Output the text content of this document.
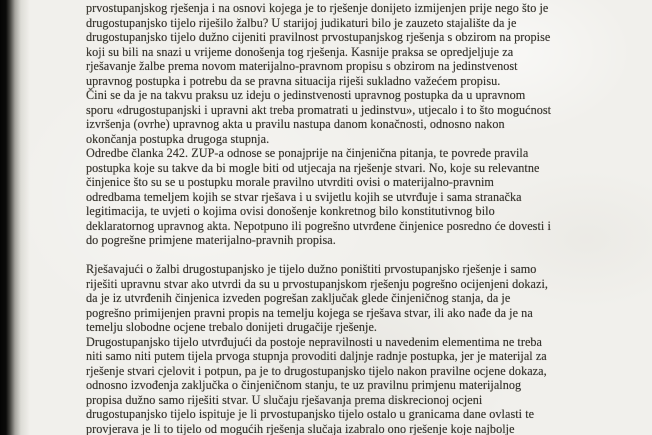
prvostupanjskog rješenja i na osnovi kojega je to rješenje donijeto izmijenjen prije nego što je
drugostupanjsko tijelo riješilo žalbu? U starijoj judikaturi bilo je zauzeto stajalište da je
drugostupanjsko tijelo dužno cijeniti pravilnost prvostupanjskog rješenja s obzirom na propise
koji su bili na snazi u vrijeme donošenja tog rješenja. Kasnije praksa se opredjeljuje za
rješavanje žalbe prema novom materijalno-pravnom propisu s obzirom na jedinstvenost
upravnog postupka i potrebu da se pravna situacija riješi sukladno važećem propisu.
Čini se da je na takvu praksu uz ideju o jedinstvenosti upravnog postupka da u upravnom
sporu «drugostupanjski i upravni akt treba promatrati u jedinstvu», utjecalo i to što mogućnost
izvršenja (ovrhe) upravnog akta u pravilu nastupa danom konačnosti, odnosno nakon
okončanja postupka drugoga stupnja.
Odredbe članka 242. ZUP-a odnose se ponajprije na činjenična pitanja, te povrede pravila
postupka koje su takve da bi mogle biti od utjecaja na rješenje stvari. No, koje su relevantne
činjenice što su se u postupku morale pravilno utvrditi ovisi o materijalno-pravnim
odredbama temeljem kojih se stvar rješava i u svijetlu kojih se utvrđuje i sama stranačka
legitimacija, te uvjeti o kojima ovisi donošenje konkretnog bilo konstitutivnog bilo
deklaratornog upravnog akta. Nepotpuno ili pogrešno utvrđene činjenice posredno će dovesti i
do pogrešne primjene materijalno-pravnih propisa.

Rješavajući o žalbi drugostupanjsko je tijelo dužno poništiti prvostupanjsko rješenje i samo
riješiti upravnu stvar ako utvrdi da su u prvostupanjskom rješenju pogrešno ocijenjeni dokazi,
da je iz utvrđenih činjenica izveden pogrešan zaključak glede činjeničnog stanja, da je
pogrešno primijenjen pravni propis na temelju kojega se rješava stvar, ili ako nađe da je na
temelju slobodne ocjene trebalo donijeti drugačije rješenje.
Drugostupanjsko tijelo utvrđujući da postoje nepravilnosti u navedenim elementima ne treba
niti samo niti putem tijela prvoga stupnja provoditi daljnje radnje postupka, jer je materijal za
rješenje stvari cjelovit i potpun, pa je to drugostupanjsko tijelo nakon pravilne ocjene dokaza,
odnosno izvođenja zaključka o činjeničnom stanju, te uz pravilnu primjenu materijalnog
propisa dužno samo riješiti stvar. U slučaju rješavanja prema diskrecionoj ocjeni
drugostupanjsko tijelo ispituje je li prvostupanjsko tijelo ostalo u granicama dane ovlasti te
provjerava je li to tijelo od mogućih rješenja slučaja izabralo ono rješenje koje najbolje
